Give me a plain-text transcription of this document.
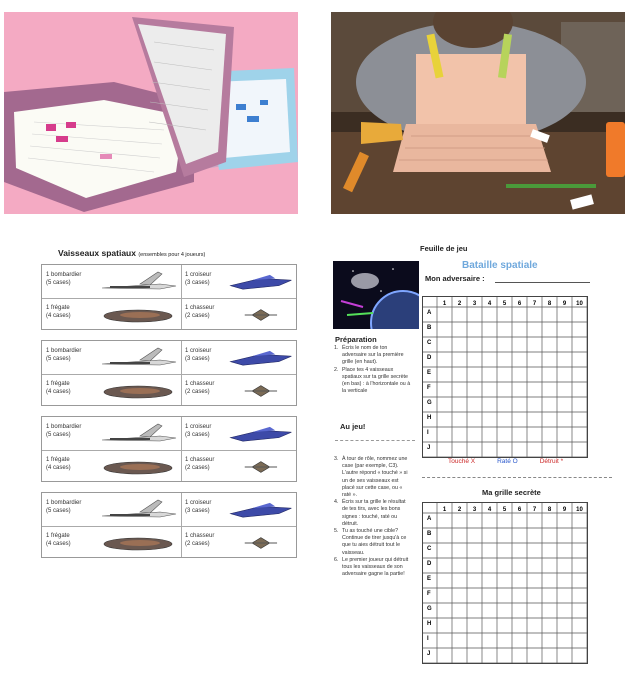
Vaisseaux spatiaux (ensembles pour 4 joueurs)
1 bombardier
(5 cases)
1 croiseur
(3 cases)
1 frégate
(4 cases)
1 chasseur
(2 cases)
1 bombardier
(5 cases)
1 croiseur
(3 cases)
1 frégate
(4 cases)
1 chasseur
(2 cases)
1 bombardier
(5 cases)
1 croiseur
(3 cases)
1 frégate
(4 cases)
1 chasseur
(2 cases)
1 bombardier
(5 cases)
1 croiseur
(3 cases)
1 frégate
(4 cases)
1 chasseur
(2 cases)
Feuille de jeu
Bataille spatiale
Mon adversaire :
Préparation
1. Écris le nom de ton adversaire sur la première grille (en haut).
2. Place tes 4 vaisseaux spatiaux sur ta grille secrète (en bas) : à l'horizontale ou à la verticale
Au jeu!
3. À tour de rôle, nommez une case (par exemple, C3). L'autre répond « touché » si un de ses vaisseaux est placé sur cette case, ou « raté ».
4. Écris sur ta grille le résultat de tes tirs, avec les bons signes : touché, raté ou détruit.
5. Tu as touché une cible? Continue de tirer jusqu'à ce que tu aies détruit tout le vaisseau.
6. Le premier joueur qui détruit tous les vaisseaux de son adversaire gagne la partie!
1 2 3 4 5 6 7 8 9 10
A
B
C
D
E
F
G
H
I
J
Touché X	Raté O	Détruit *
Ma grille secrète
1 2 3 4 5 6 7 8 9 10
A
B
C
D
E
F
G
H
I
J
